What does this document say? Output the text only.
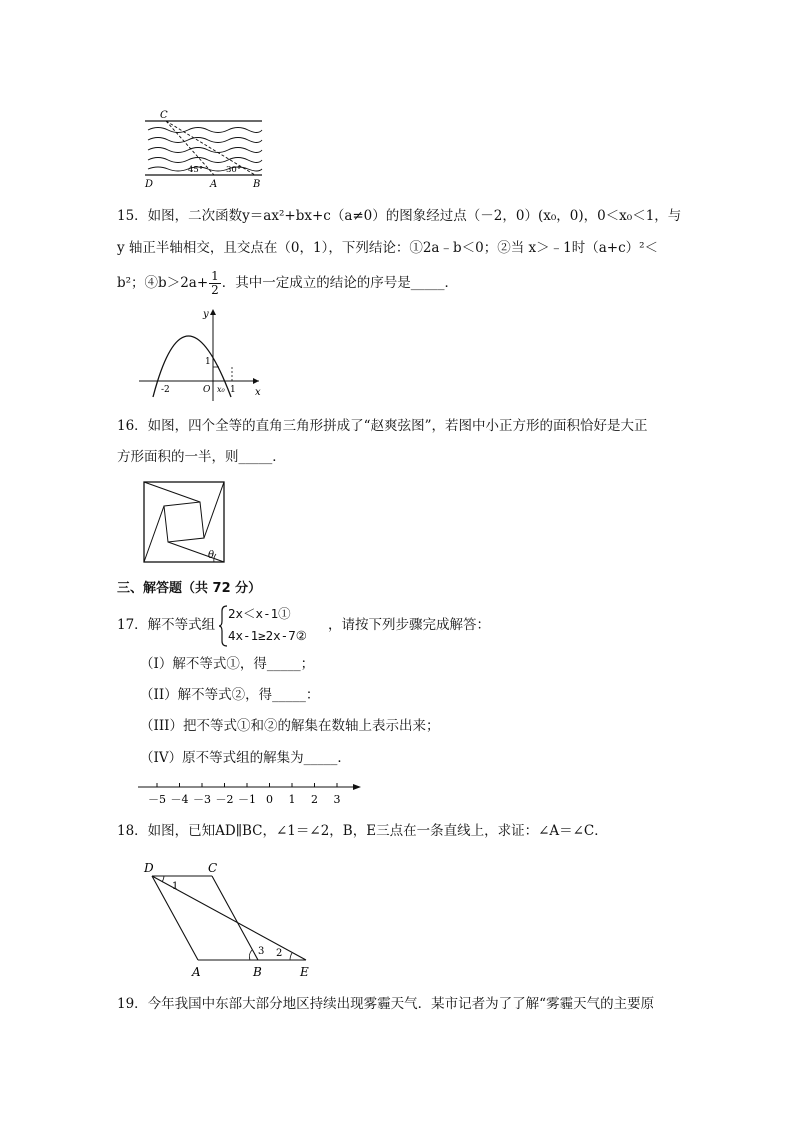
C
D	A	B
45°	30°
15．如图，二次函数y＝ax²+bx+c（a≠0）的图象经过点（－2，0）(x₀，0)，0＜x₀＜1，与
y 轴正半轴相交，且交点在（0，1），下列结论：①2a﹣b＜0；②当 x＞﹣1时（a+c）²＜
b²；④b＞2a+ $\frac{1}{2}$ ．其中一定成立的结论的序号是_____．
y
x
1
-2	O x₀ 1
16．如图，四个全等的直角三角形拼成了“赵爽弦图”，若图中小正方形的面积恰好是大正
方形面积的一半，则_____．
θ
三、解答题（共 72 分）
17．解不等式组
2x＜x-1①
4x-1≥2x-7②
，请按下列步骤完成解答：
（I）解不等式①，得_____；
（II）解不等式②，得_____：
（III）把不等式①和②的解集在数轴上表示出来；
（IV）原不等式组的解集为_____．
－5 －4 －3 －2 －1 0 1 2 3
18．如图，已知AD∥BC，∠1＝∠2，B，E三点在一条直线上，求证：∠A＝∠C．
D	C
A	B	E
1
2
3
19．今年我国中东部大部分地区持续出现雾霾天气．某市记者为了了解“雾霾天气的主要原
